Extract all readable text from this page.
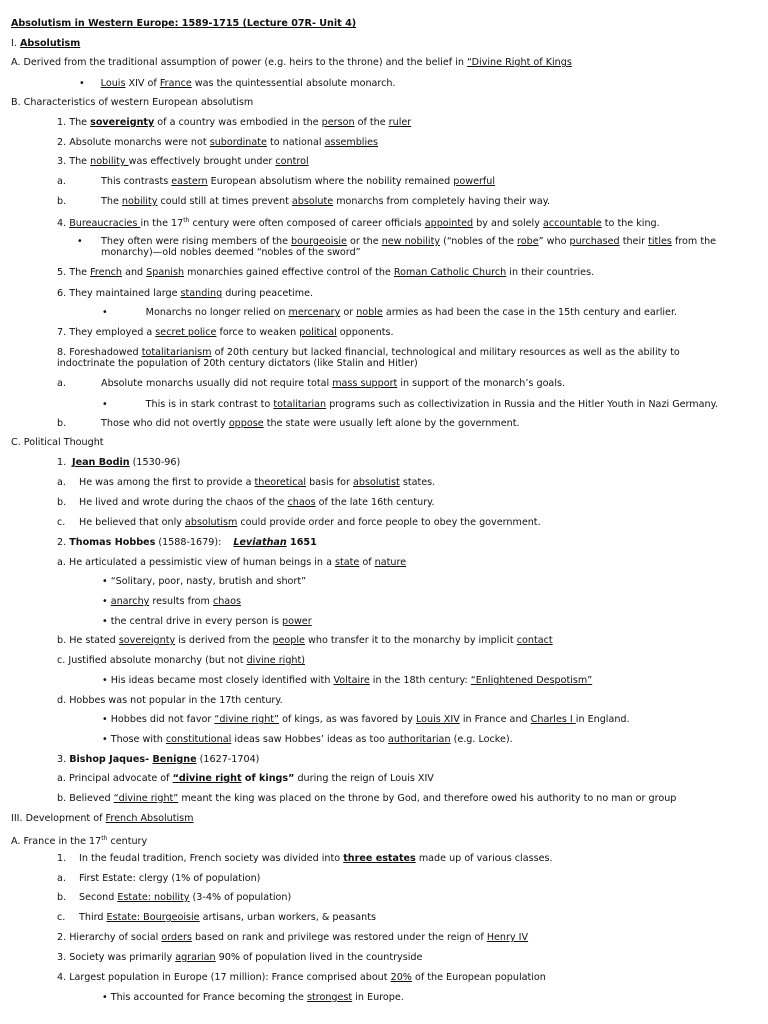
Absolutism in Western Europe: 1589-1715 (Lecture 07R- Unit 4)
I. Absolutism
A. Derived from the traditional assumption of power (e.g. heirs to the throne) and the belief in “Divine Right of Kings
• Louis XIV of France was the quintessential absolute monarch.
B. Characteristics of western European absolutism
1. The sovereignty of a country was embodied in the person of the ruler
2. Absolute monarchs were not subordinate to national assemblies
3. The nobility was effectively brought under control
a.	This contrasts eastern European absolutism where the nobility remained powerful
b.	The nobility could still at times prevent absolute monarchs from completely having their way.
4. Bureaucracies in the 17th century were often composed of career officials appointed by and solely accountable to the king.
• They often were rising members of the bourgeoisie or the new nobility (“nobles of the robe” who purchased their titles from the monarchy)—old nobles deemed “nobles of the sword”
5. The French and Spanish monarchies gained effective control of the Roman Catholic Church in their countries.
6. They maintained large standing during peacetime.
•	Monarchs no longer relied on mercenary or noble armies as had been the case in the 15th century and earlier.
7. They employed a secret police force to weaken political opponents.
8. Foreshadowed totalitarianism of 20th century but lacked financial, technological and military resources as well as the ability to indoctrinate the population of 20th century dictators (like Stalin and Hitler)
a.	Absolute monarchs usually did not require total mass support in support of the monarch’s goals.
•	This is in stark contrast to totalitarian programs such as collectivization in Russia and the Hitler Youth in Nazi Germany.
b.	Those who did not overtly oppose the state were usually left alone by the government.
C. Political Thought
1. Jean Bodin (1530-96)
a. He was among the first to provide a theoretical basis for absolutist states.
b. He lived and wrote during the chaos of the chaos of the late 16th century.
c. He believed that only absolutism could provide order and force people to obey the government.
2. Thomas Hobbes (1588-1679): Leviathan 1651
a. He articulated a pessimistic view of human beings in a state of nature
• “Solitary, poor, nasty, brutish and short”
• anarchy results from chaos
• the central drive in every person is power
b. He stated sovereignty is derived from the people who transfer it to the monarchy by implicit contact
c. Justified absolute monarchy (but not divine right)
• His ideas became most closely identified with Voltaire in the 18th century: “Enlightened Despotism”
d. Hobbes was not popular in the 17th century.
• Hobbes did not favor “divine right” of kings, as was favored by Louis XIV in France and Charles I in England.
• Those with constitutional ideas saw Hobbes’ ideas as too authoritarian (e.g. Locke).
3. Bishop Jaques- Benigne (1627-1704)
a. Principal advocate of “divine right of kings” during the reign of Louis XIV
b. Believed “divine right” meant the king was placed on the throne by God, and therefore owed his authority to no man or group
III. Development of French Absolutism
A. France in the 17th century
1. In the feudal tradition, French society was divided into three estates made up of various classes.
a. First Estate: clergy (1% of population)
b. Second Estate: nobility (3-4% of population)
c. Third Estate: Bourgeoisie artisans, urban workers, & peasants
2. Hierarchy of social orders based on rank and privilege was restored under the reign of Henry IV
3. Society was primarily agrarian 90% of population lived in the countryside
4. Largest population in Europe (17 million): France comprised about 20% of the European population
• This accounted for France becoming the strongest in Europe.
